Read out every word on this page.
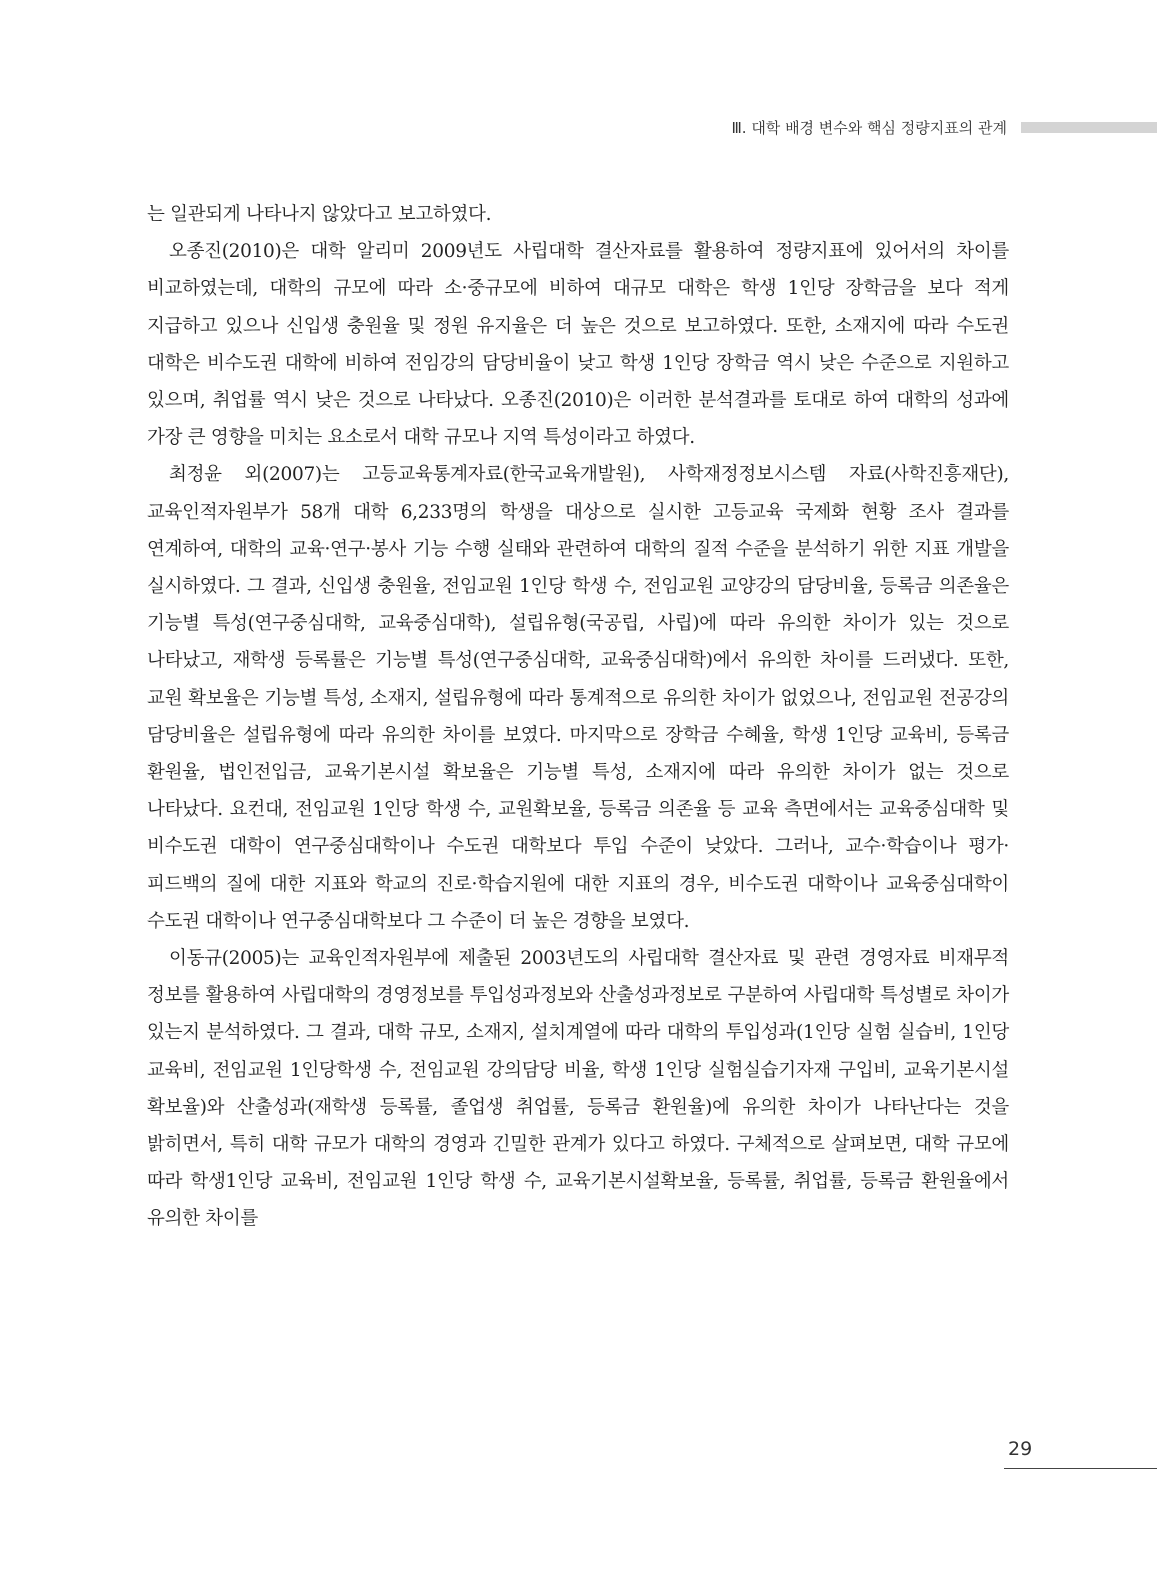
Ⅲ. 대학 배경 변수와 핵심 정량지표의 관계

는 일관되게 나타나지 않았다고 보고하였다.

오종진(2010)은 대학 알리미 2009년도 사립대학 결산자료를 활용하여 정량지표에 있어서의 차이를 비교하였는데, 대학의 규모에 따라 소·중규모에 비하여 대규모 대학은 학생 1인당 장학금을 보다 적게 지급하고 있으나 신입생 충원율 및 정원 유지율은 더 높은 것으로 보고하였다. 또한, 소재지에 따라 수도권 대학은 비수도권 대학에 비하여 전임강의 담당비율이 낮고 학생 1인당 장학금 역시 낮은 수준으로 지원하고 있으며, 취업률 역시 낮은 것으로 나타났다. 오종진(2010)은 이러한 분석결과를 토대로 하여 대학의 성과에 가장 큰 영향을 미치는 요소로서 대학 규모나 지역 특성이라고 하였다.

최정윤 외(2007)는 고등교육통계자료(한국교육개발원), 사학재정정보시스템 자료(사학진흥재단), 교육인적자원부가 58개 대학 6,233명의 학생을 대상으로 실시한 고등교육 국제화 현황 조사 결과를 연계하여, 대학의 교육·연구·봉사 기능 수행 실태와 관련하여 대학의 질적 수준을 분석하기 위한 지표 개발을 실시하였다. 그 결과, 신입생 충원율, 전임교원 1인당 학생 수, 전임교원 교양강의 담당비율, 등록금 의존율은 기능별 특성(연구중심대학, 교육중심대학), 설립유형(국공립, 사립)에 따라 유의한 차이가 있는 것으로 나타났고, 재학생 등록률은 기능별 특성(연구중심대학, 교육중심대학)에서 유의한 차이를 드러냈다. 또한, 교원 확보율은 기능별 특성, 소재지, 설립유형에 따라 통계적으로 유의한 차이가 없었으나, 전임교원 전공강의 담당비율은 설립유형에 따라 유의한 차이를 보였다. 마지막으로 장학금 수혜율, 학생 1인당 교육비, 등록금 환원율, 법인전입금, 교육기본시설 확보율은 기능별 특성, 소재지에 따라 유의한 차이가 없는 것으로 나타났다. 요컨대, 전임교원 1인당 학생 수, 교원확보율, 등록금 의존율 등 교육 측면에서는 교육중심대학 및 비수도권 대학이 연구중심대학이나 수도권 대학보다 투입 수준이 낮았다. 그러나, 교수·학습이나 평가·피드백의 질에 대한 지표와 학교의 진로·학습지원에 대한 지표의 경우, 비수도권 대학이나 교육중심대학이 수도권 대학이나 연구중심대학보다 그 수준이 더 높은 경향을 보였다.

이동규(2005)는 교육인적자원부에 제출된 2003년도의 사립대학 결산자료 및 관련 경영자료 비재무적 정보를 활용하여 사립대학의 경영정보를 투입성과정보와 산출성과정보로 구분하여 사립대학 특성별로 차이가 있는지 분석하였다. 그 결과, 대학 규모, 소재지, 설치계열에 따라 대학의 투입성과(1인당 실험 실습비, 1인당 교육비, 전임교원 1인당학생 수, 전임교원 강의담당 비율, 학생 1인당 실험실습기자재 구입비, 교육기본시설 확보율)와 산출성과(재학생 등록률, 졸업생 취업률, 등록금 환원율)에 유의한 차이가 나타난다는 것을 밝히면서, 특히 대학 규모가 대학의 경영과 긴밀한 관계가 있다고 하였다. 구체적으로 살펴보면, 대학 규모에 따라 학생1인당 교육비, 전임교원 1인당 학생 수, 교육기본시설확보율, 등록률, 취업률, 등록금 환원율에서 유의한 차이를

29
